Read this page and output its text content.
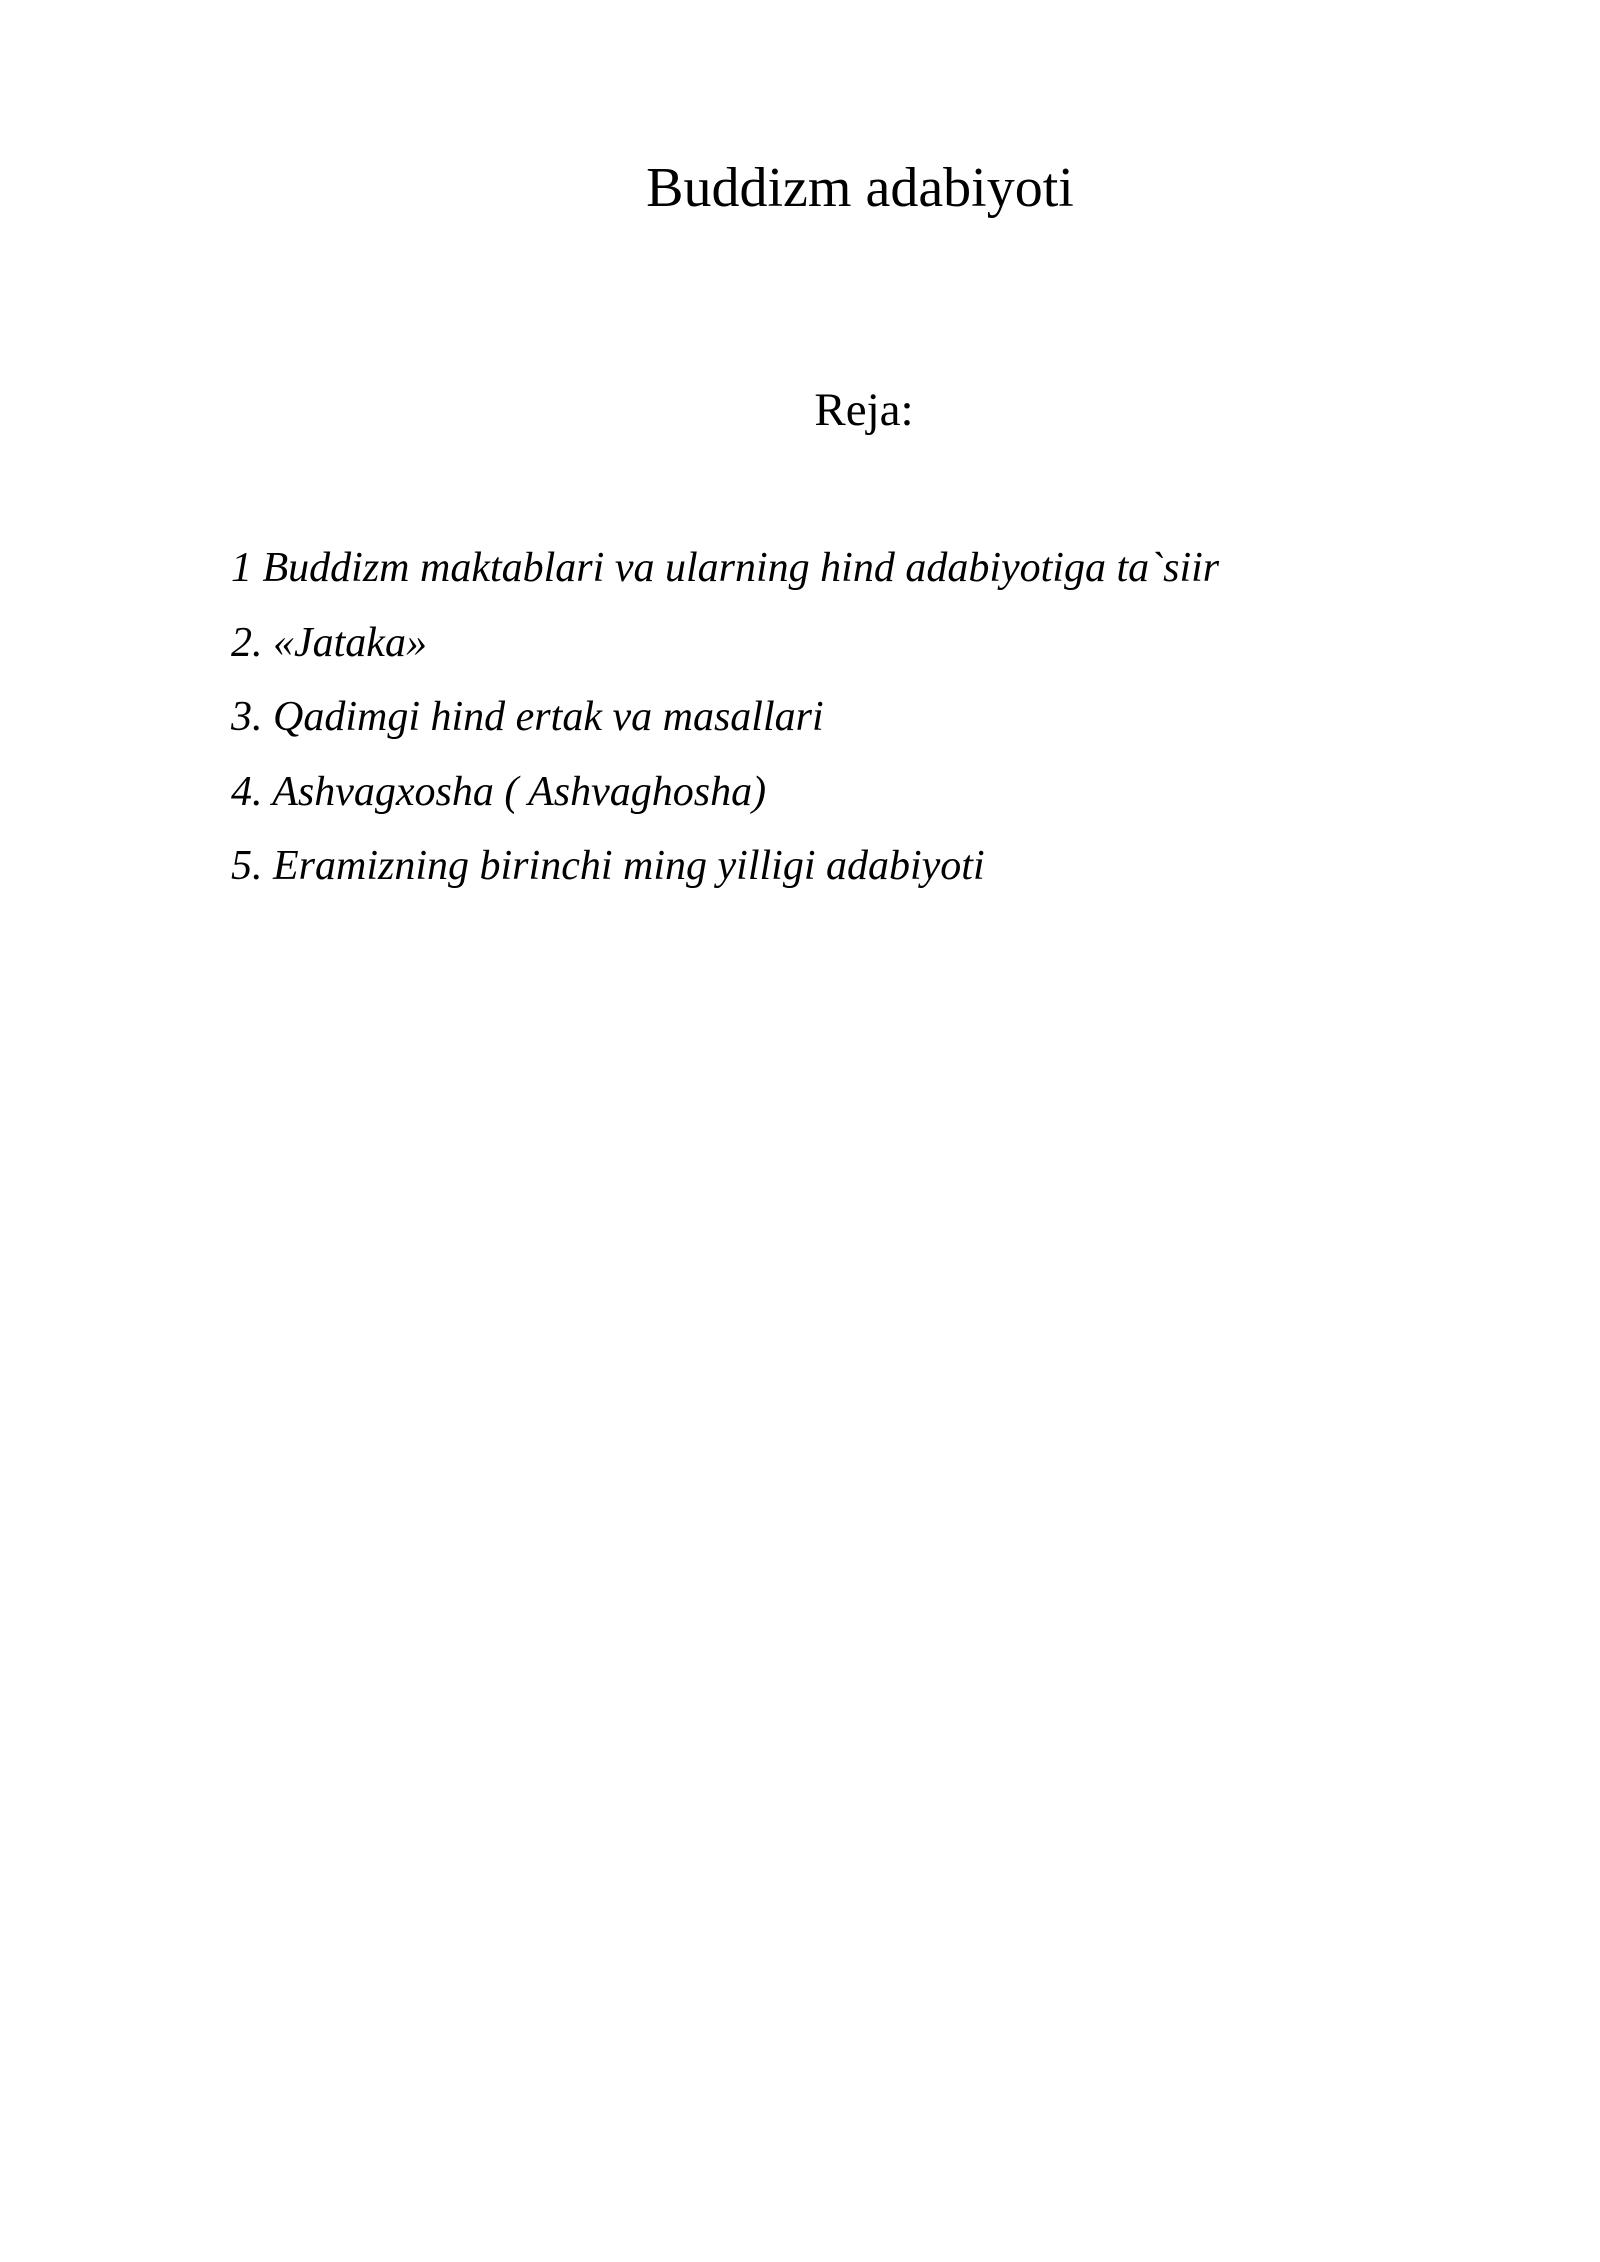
Buddizm adabiyoti
Reja:
1 Buddizm maktablari va ularning hind adabiyotiga ta`siir
2. «Jataka»
3. Qadimgi hind ertak va masallari
4. Ashvagxosha ( Ashvaghosha)
5. Eramizning birinchi ming yilligi adabiyoti
